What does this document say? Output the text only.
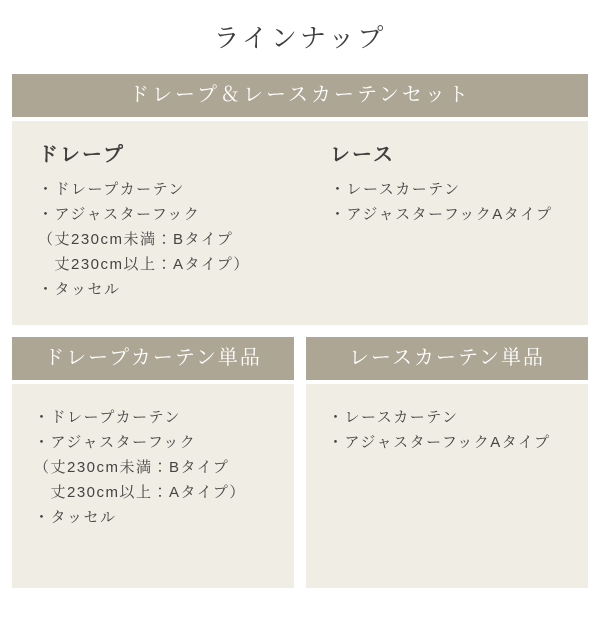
ラインナップ
ドレープ＆レースカーテンセット
ドレープ
・ドレープカーテン
・アジャスターフック
（丈230cm未満：Bタイプ
　丈230cm以上：Aタイプ）
・タッセル
レース
・レースカーテン
・アジャスターフックAタイプ
ドレープカーテン単品
・ドレープカーテン
・アジャスターフック
（丈230cm未満：Bタイプ
　丈230cm以上：Aタイプ）
・タッセル
レースカーテン単品
・レースカーテン
・アジャスターフックAタイプ
